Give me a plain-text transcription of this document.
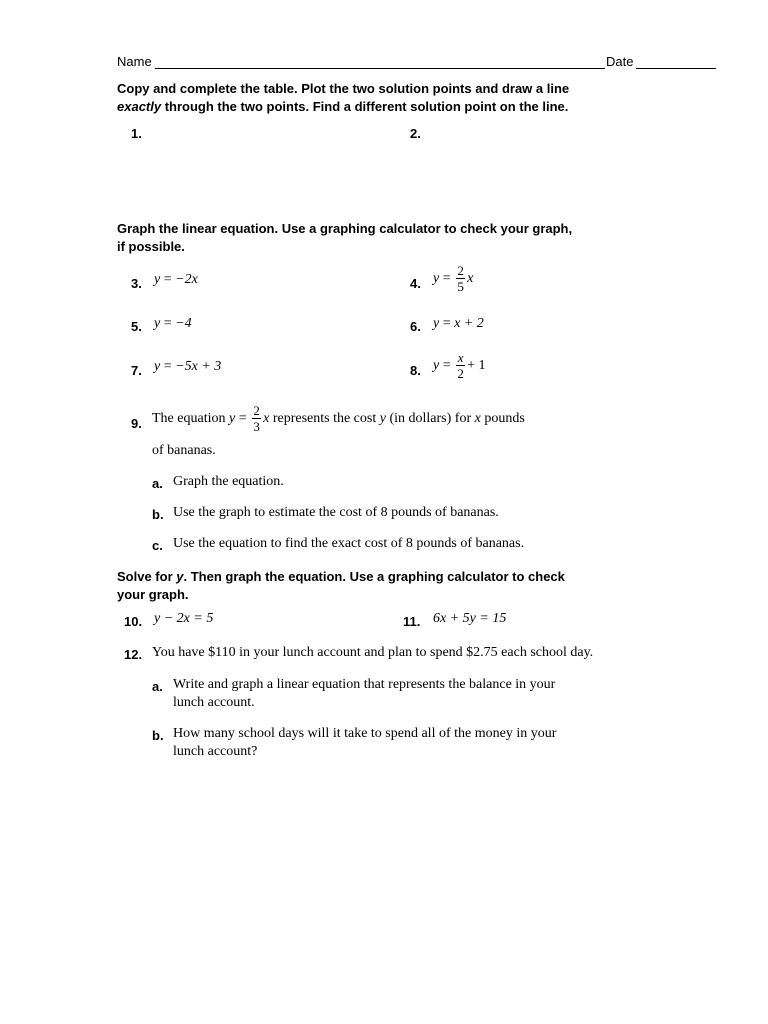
Name	Date
Copy and complete the table. Plot the two solution points and draw a line
exactly through the two points. Find a different solution point on the line.
1.	2.
Graph the linear equation. Use a graphing calculator to check your graph,
if possible.
3. y = −2x	4. $y = \frac{2}{5}$ x
5. y = −4	6. y = x + 2
7. y = −5x + 3	8. $y = \frac{x}{2} + 1$
9. The equation $y = \frac{2}{3}$ x represents the cost y (in dollars) for x pounds
of bananas.
a. Graph the equation.
b. Use the graph to estimate the cost of 8 pounds of bananas.
c. Use the equation to find the exact cost of 8 pounds of bananas.
Solve for y. Then graph the equation. Use a graphing calculator to check
your graph.
10. y − 2x = 5	11. 6x + 5y = 15
12. You have $110 in your lunch account and plan to spend $2.75 each school day.
a. Write and graph a linear equation that represents the balance in your
lunch account.
b. How many school days will it take to spend all of the money in your
lunch account?
